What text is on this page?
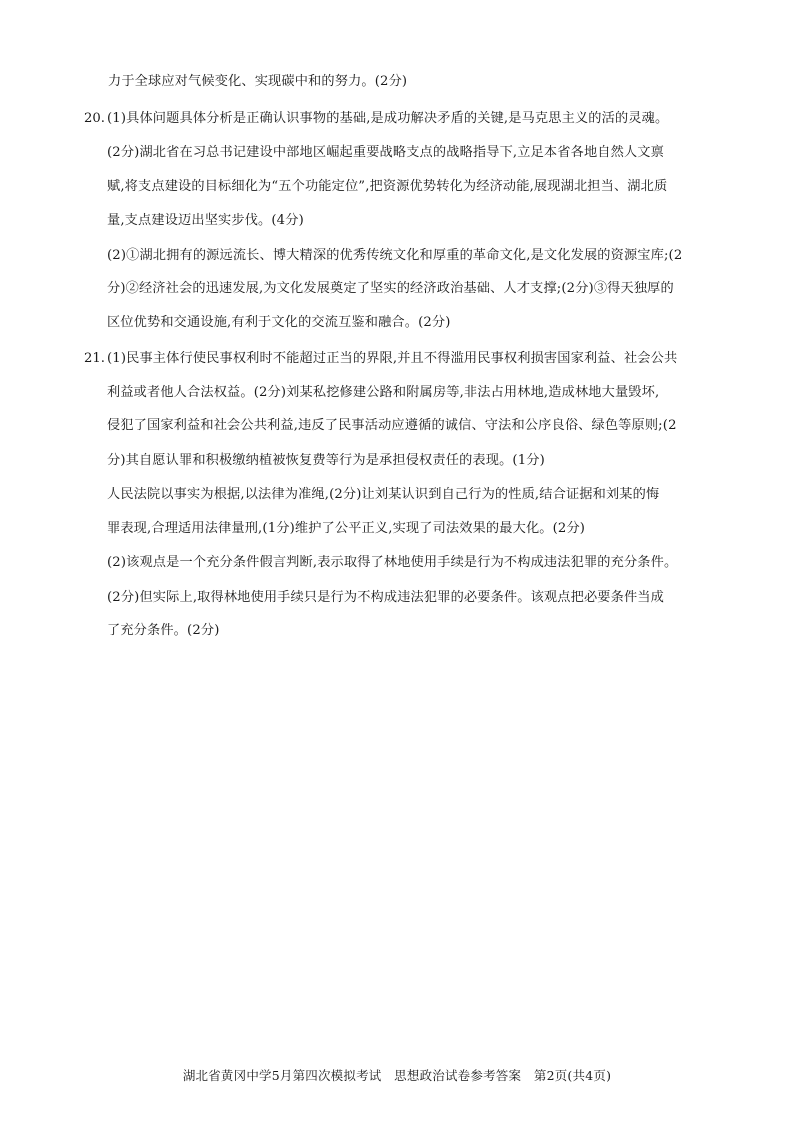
力于全球应对气候变化、实现碳中和的努力。(2分)
20. (1)具体问题具体分析是正确认识事物的基础,是成功解决矛盾的关键,是马克思主义的活的灵魂。
(2分)湖北省在习总书记建设中部地区崛起重要战略支点的战略指导下,立足本省各地自然人文禀
赋,将支点建设的目标细化为“五个功能定位”,把资源优势转化为经济动能,展现湖北担当、湖北质
量,支点建设迈出坚实步伐。(4分)
(2)①湖北拥有的源远流长、博大精深的优秀传统文化和厚重的革命文化,是文化发展的资源宝库;(2
分)②经济社会的迅速发展,为文化发展奠定了坚实的经济政治基础、人才支撑;(2分)③得天独厚的
区位优势和交通设施,有利于文化的交流互鉴和融合。(2分)
21. (1)民事主体行使民事权利时不能超过正当的界限,并且不得滥用民事权利损害国家利益、社会公共
利益或者他人合法权益。(2分)刘某私挖修建公路和附属房等,非法占用林地,造成林地大量毁坏,
侵犯了国家利益和社会公共利益,违反了民事活动应遵循的诚信、守法和公序良俗、绿色等原则;(2
分)其自愿认罪和积极缴纳植被恢复费等行为是承担侵权责任的表现。(1分)
人民法院以事实为根据,以法律为准绳,(2分)让刘某认识到自己行为的性质,结合证据和刘某的悔
罪表现,合理适用法律量刑,(1分)维护了公平正义,实现了司法效果的最大化。(2分)
(2)该观点是一个充分条件假言判断,表示取得了林地使用手续是行为不构成违法犯罪的充分条件。
(2分)但实际上,取得林地使用手续只是行为不构成违法犯罪的必要条件。该观点把必要条件当成
了充分条件。(2分)
湖北省黄冈中学5月第四次模拟考试　思想政治试卷参考答案　第2页(共4页)
